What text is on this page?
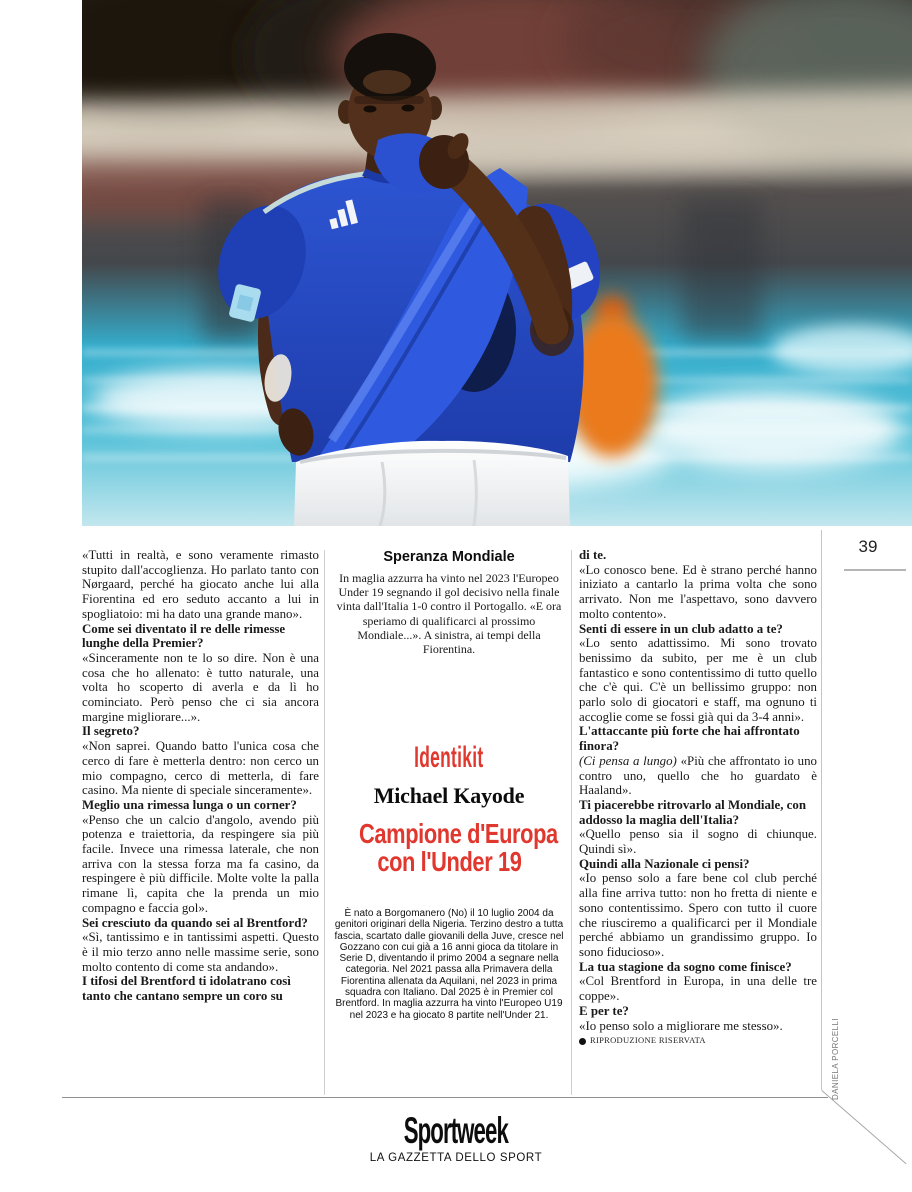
39

«Tutti in realtà, e sono veramente rimasto stupito dall'accoglienza. Ho parlato tanto con Nørgaard, perché ha giocato anche lui alla Fiorentina ed ero seduto accanto a lui in spogliatoio: mi ha dato una grande mano».

Come sei diventato il re delle rimesse lunghe della Premier?

«Sinceramente non te lo so dire. Non è una cosa che ho allenato: è tutto naturale, una volta ho scoperto di averla e da lì ho cominciato. Però penso che ci sia ancora margine migliorare...».

Il segreto?

«Non saprei. Quando batto l'unica cosa che cerco di fare è metterla dentro: non cerco un mio compagno, cerco di metterla, di fare casino. Ma niente di speciale sinceramente».

Meglio una rimessa lunga o un corner?

«Penso che un calcio d'angolo, avendo più potenza e traiettoria, da respingere sia più facile. Invece una rimessa laterale, che non arriva con la stessa forza ma fa casino, da respingere è più difficile. Molte volte la palla rimane lì, capita che la prenda un mio compagno e faccia gol».

Sei cresciuto da quando sei al Brentford?

«Sì, tantissimo e in tantissimi aspetti. Questo è il mio terzo anno nelle massime serie, sono molto contento di come sta andando».

I tifosi del Brentford ti idolatrano così tanto che cantano sempre un coro su

Speranza Mondiale

In maglia azzurra ha vinto nel 2023 l'Europeo Under 19 segnando il gol decisivo nella finale vinta dall'Italia 1-0 contro il Portogallo. «E ora speriamo di qualificarci al prossimo Mondiale...». A sinistra, ai tempi della Fiorentina.

Identikit
Michael Kayode
Campione d'Europa
con l'Under 19
È nato a Borgomanero (No) il 10 luglio 2004 da genitori originari della Nigeria. Terzino destro a tutta fascia, scartato dalle giovanili della Juve, cresce nel Gozzano con cui già a 16 anni gioca da titolare in Serie D, diventando il primo 2004 a segnare nella categoria. Nel 2021 passa alla Primavera della Fiorentina allenata da Aquilani, nel 2023 in prima squadra con Italiano. Dal 2025 è in Premier col Brentford. In maglia azzurra ha vinto l'Europeo U19 nel 2023 e ha giocato 8 partite nell'Under 21.

di te.

«Lo conosco bene. Ed è strano perché hanno iniziato a cantarlo la prima volta che sono arrivato. Non me l'aspettavo, sono davvero molto contento».

Senti di essere in un club adatto a te?

«Lo sento adattissimo. Mi sono trovato benissimo da subito, per me è un club fantastico e sono contentissimo di tutto quello che c'è qui. C'è un bellissimo gruppo: non parlo solo di giocatori e staff, ma ognuno ti accoglie come se fossi già qui da 3-4 anni».

L'attaccante più forte che hai affrontato finora?

(Ci pensa a lungo) «Più che affrontato io uno contro uno, quello che ho guardato è Haaland».

Ti piacerebbe ritrovarlo al Mondiale, con addosso la maglia dell'Italia?

«Quello penso sia il sogno di chiunque. Quindi sì».

Quindi alla Nazionale ci pensi?

«Io penso solo a fare bene col club perché alla fine arriva tutto: non ho fretta di niente e sono contentissimo. Spero con tutto il cuore che riusciremo a qualificarci per il Mondiale perché abbiamo un grandissimo gruppo. Io sono fiducioso».

La tua stagione da sogno come finisce?

«Col Brentford in Europa, in una delle tre coppe».

E per te?

«Io penso solo a migliorare me stesso».

RIPRODUZIONE RISERVATA	DANIELA PORCELLI
Sportweek
LA GAZZETTA DELLO SPORT
